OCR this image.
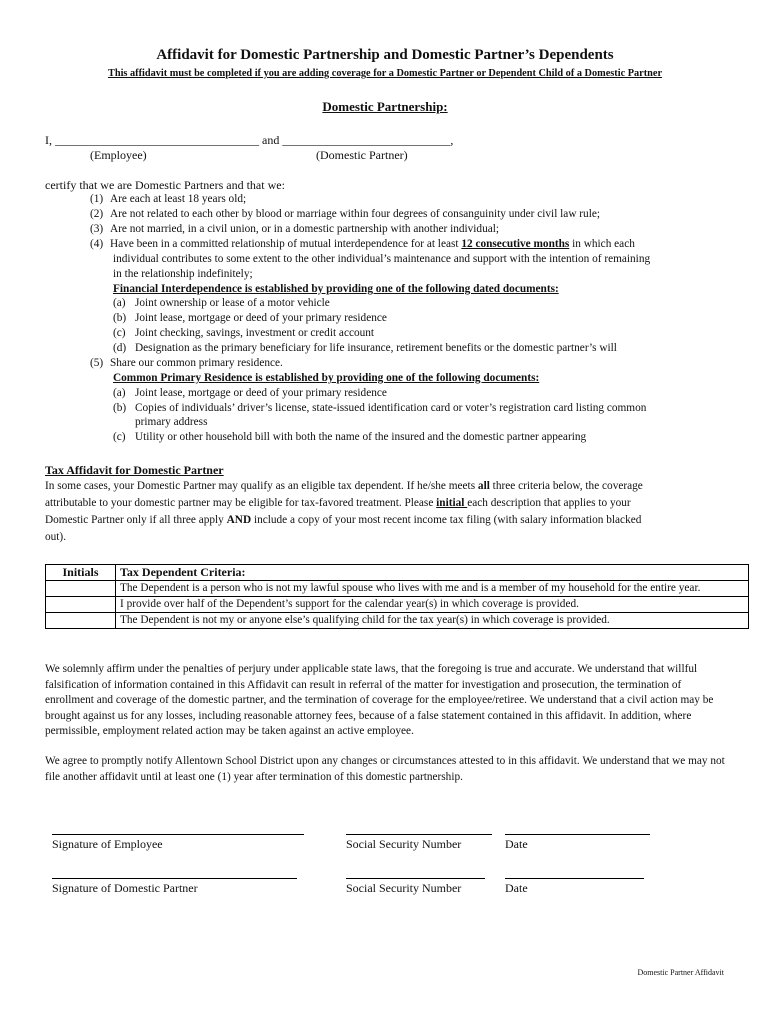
Affidavit for Domestic Partnership and Domestic Partner’s Dependents
This affidavit must be completed if you are adding coverage for a Domestic Partner or Dependent Child of a Domestic Partner
Domestic Partnership:
I, __________________________________ and ____________________________,
(Employee)	(Domestic Partner)
certify that we are Domestic Partners and that we:
(1) Are each at least 18 years old;
(2) Are not related to each other by blood or marriage within four degrees of consanguinity under civil law rule;
(3) Are not married, in a civil union, or in a domestic partnership with another individual;
(4) Have been in a committed relationship of mutual interdependence for at least 12 consecutive months in which each
individual contributes to some extent to the other individual’s maintenance and support with the intention of remaining
in the relationship indefinitely;
Financial Interdependence is established by providing one of the following dated documents:
(a) Joint ownership or lease of a motor vehicle
(b) Joint lease, mortgage or deed of your primary residence
(c) Joint checking, savings, investment or credit account
(d) Designation as the primary beneficiary for life insurance, retirement benefits or the domestic partner’s will
(5) Share our common primary residence.
Common Primary Residence is established by providing one of the following documents:
(a) Joint lease, mortgage or deed of your primary residence
(b) Copies of individuals’ driver’s license, state-issued identification card or voter’s registration card listing common
primary address
(c) Utility or other household bill with both the name of the insured and the domestic partner appearing
Tax Affidavit for Domestic Partner
In some cases, your Domestic Partner may qualify as an eligible tax dependent. If he/she meets all three criteria below, the coverage
attributable to your domestic partner may be eligible for tax-favored treatment. Please initial each description that applies to your
Domestic Partner only if all three apply AND include a copy of your most recent income tax filing (with salary information blacked
out).
Initials	Tax Dependent Criteria:
	The Dependent is a person who is not my lawful spouse who lives with me and is a member of my household for the entire year.
	I provide over half of the Dependent’s support for the calendar year(s) in which coverage is provided.
	The Dependent is not my or anyone else’s qualifying child for the tax year(s) in which coverage is provided.
We solemnly affirm under the penalties of perjury under applicable state laws, that the foregoing is true and accurate. We understand that willful falsification of information contained in this Affidavit can result in referral of the matter for investigation and prosecution, the termination of enrollment and coverage of the domestic partner, and the termination of coverage for the employee/retiree. We understand that a civil action may be brought against us for any losses, including reasonable attorney fees, because of a false statement contained in this affidavit. In addition, where permissible, employment related action may be taken against an active employee.
We agree to promptly notify Allentown School District upon any changes or circumstances attested to in this affidavit. We understand that we may not file another affidavit until at least one (1) year after termination of this domestic partnership.
Signature of Employee	Social Security Number	Date
Signature of Domestic Partner	Social Security Number	Date
Domestic Partner Affidavit
